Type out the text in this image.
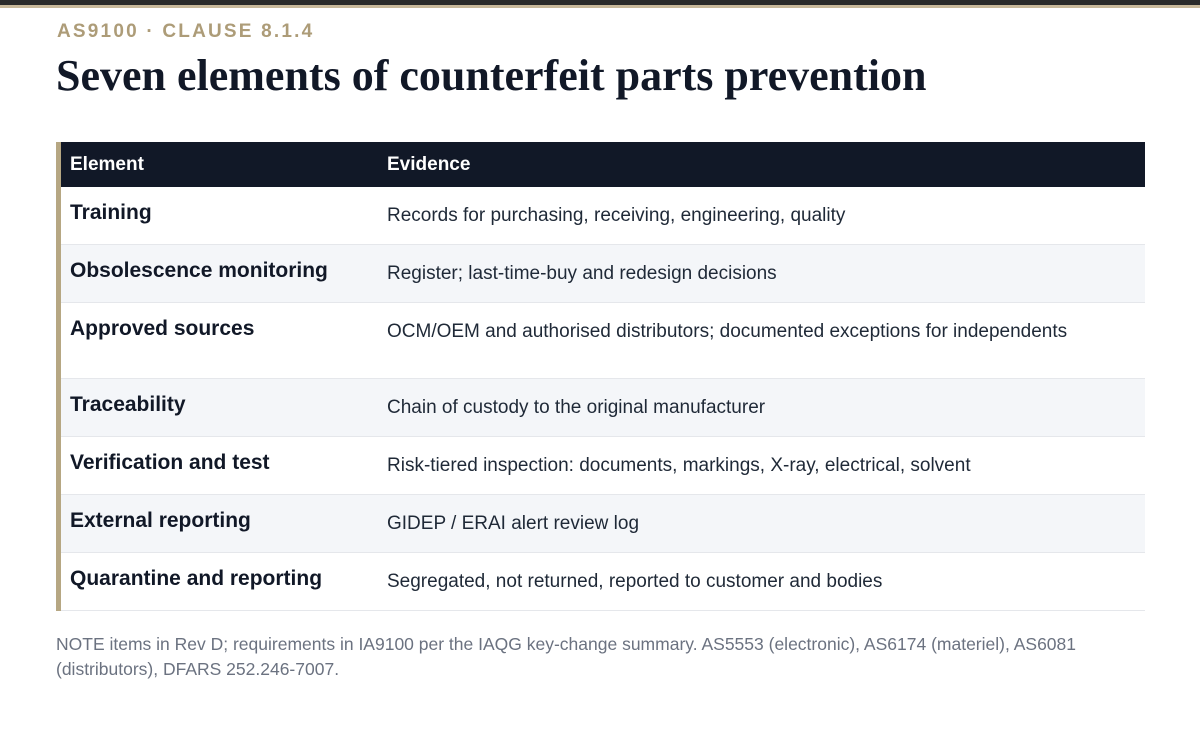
AS9100 · CLAUSE 8.1.4
Seven elements of counterfeit parts prevention
Element	Evidence
Training	Records for purchasing, receiving, engineering, quality
Obsolescence monitoring	Register; last-time-buy and redesign decisions
Approved sources	OCM/OEM and authorised distributors; documented exceptions for independents
Traceability	Chain of custody to the original manufacturer
Verification and test	Risk-tiered inspection: documents, markings, X-ray, electrical, solvent
External reporting	GIDEP / ERAI alert review log
Quarantine and reporting	Segregated, not returned, reported to customer and bodies
NOTE items in Rev D; requirements in IA9100 per the IAQG key-change summary. AS5553 (electronic), AS6174 (materiel), AS6081 (distributors), DFARS 252.246-7007.
